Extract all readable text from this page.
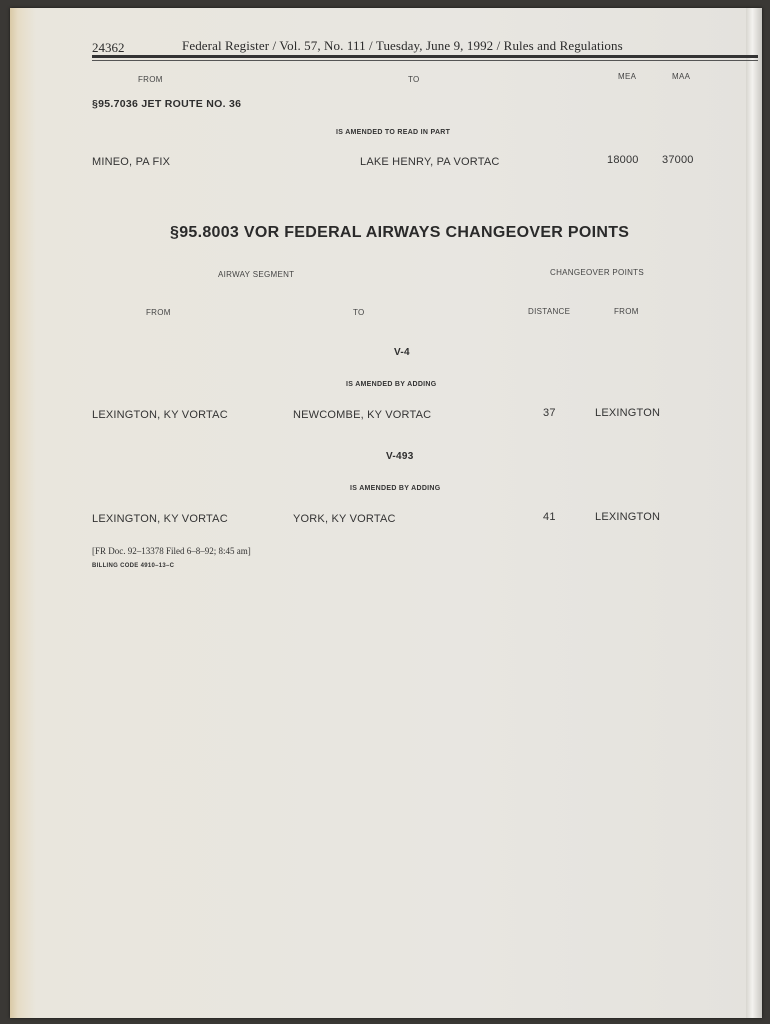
24362	Federal Register / Vol. 57, No. 111 / Tuesday, June 9, 1992 / Rules and Regulations
FROM	TO	MEA	MAA
§95.7036 JET ROUTE NO. 36
IS AMENDED TO READ IN PART
MINEO, PA FIX	LAKE HENRY, PA VORTAC	18000 37000
§95.8003 VOR FEDERAL AIRWAYS CHANGEOVER POINTS
AIRWAY SEGMENT	CHANGEOVER POINTS
FROM	TO	DISTANCE	FROM
V-4
IS AMENDED BY ADDING
LEXINGTON, KY VORTAC	NEWCOMBE, KY VORTAC	37	LEXINGTON
V-493
IS AMENDED BY ADDING
LEXINGTON, KY VORTAC	YORK, KY VORTAC	41	LEXINGTON
[FR Doc. 92–13378 Filed 6–8–92; 8:45 am]
BILLING CODE 4910–13–C
